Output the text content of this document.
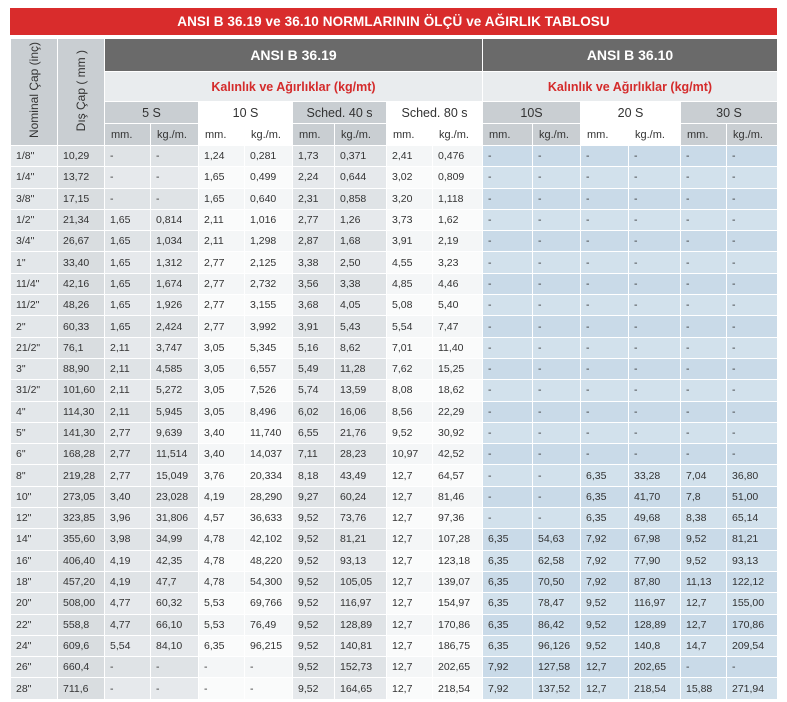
ANSI B 36.19 ve 36.10 NORMLARININ ÖLÇÜ ve AĞIRLIK TABLOSU
Nominal Çap (inç)	Dış Çap ( mm )	ANSI B 36.19								ANSI B 36.10					
		Kalınlık ve Ağırlıklar (kg/mt)								Kalınlık ve Ağırlıklar (kg/mt)					
		5 S		10 S		Sched. 40 s		Sched. 80 s		10S		20 S		30 S	
		mm.	kg./m.	mm.	kg./m.	mm.	kg./m.	mm.	kg./m.	mm.	kg./m.	mm.	kg./m.	mm.	kg./m.
1/8"	10,29	-	-	1,24	0,281	1,73	0,371	2,41	0,476	-	-	-	-	-	-
1/4"	13,72	-	-	1,65	0,499	2,24	0,644	3,02	0,809	-	-	-	-	-	-
3/8"	17,15	-	-	1,65	0,640	2,31	0,858	3,20	1,118	-	-	-	-	-	-
1/2"	21,34	1,65	0,814	2,11	1,016	2,77	1,26	3,73	1,62	-	-	-	-	-	-
3/4"	26,67	1,65	1,034	2,11	1,298	2,87	1,68	3,91	2,19	-	-	-	-	-	-
1"	33,40	1,65	1,312	2,77	2,125	3,38	2,50	4,55	3,23	-	-	-	-	-	-
11/4"	42,16	1,65	1,674	2,77	2,732	3,56	3,38	4,85	4,46	-	-	-	-	-	-
11/2"	48,26	1,65	1,926	2,77	3,155	3,68	4,05	5,08	5,40	-	-	-	-	-	-
2"	60,33	1,65	2,424	2,77	3,992	3,91	5,43	5,54	7,47	-	-	-	-	-	-
21/2"	76,1	2,11	3,747	3,05	5,345	5,16	8,62	7,01	11,40	-	-	-	-	-	-
3"	88,90	2,11	4,585	3,05	6,557	5,49	11,28	7,62	15,25	-	-	-	-	-	-
31/2"	101,60	2,11	5,272	3,05	7,526	5,74	13,59	8,08	18,62	-	-	-	-	-	-
4"	114,30	2,11	5,945	3,05	8,496	6,02	16,06	8,56	22,29	-	-	-	-	-	-
5"	141,30	2,77	9,639	3,40	11,740	6,55	21,76	9,52	30,92	-	-	-	-	-	-
6"	168,28	2,77	11,514	3,40	14,037	7,11	28,23	10,97	42,52	-	-	-	-	-	-
8"	219,28	2,77	15,049	3,76	20,334	8,18	43,49	12,7	64,57	-	-	6,35	33,28	7,04	36,80
10"	273,05	3,40	23,028	4,19	28,290	9,27	60,24	12,7	81,46	-	-	6,35	41,70	7,8	51,00
12"	323,85	3,96	31,806	4,57	36,633	9,52	73,76	12,7	97,36	-	-	6,35	49,68	8,38	65,14
14"	355,60	3,98	34,99	4,78	42,102	9,52	81,21	12,7	107,28	6,35	54,63	7,92	67,98	9,52	81,21
16"	406,40	4,19	42,35	4,78	48,220	9,52	93,13	12,7	123,18	6,35	62,58	7,92	77,90	9,52	93,13
18"	457,20	4,19	47,7	4,78	54,300	9,52	105,05	12,7	139,07	6,35	70,50	7,92	87,80	11,13	122,12
20"	508,00	4,77	60,32	5,53	69,766	9,52	116,97	12,7	154,97	6,35	78,47	9,52	116,97	12,7	155,00
22"	558,8	4,77	66,10	5,53	76,49	9,52	128,89	12,7	170,86	6,35	86,42	9,52	128,89	12,7	170,86
24"	609,6	5,54	84,10	6,35	96,215	9,52	140,81	12,7	186,75	6,35	96,126	9,52	140,8	14,7	209,54
26"	660,4	-	-	-	-	9,52	152,73	12,7	202,65	7,92	127,58	12,7	202,65	-	-
28"	711,6	-	-	-	-	9,52	164,65	12,7	218,54	7,92	137,52	12,7	218,54	15,88	271,94
